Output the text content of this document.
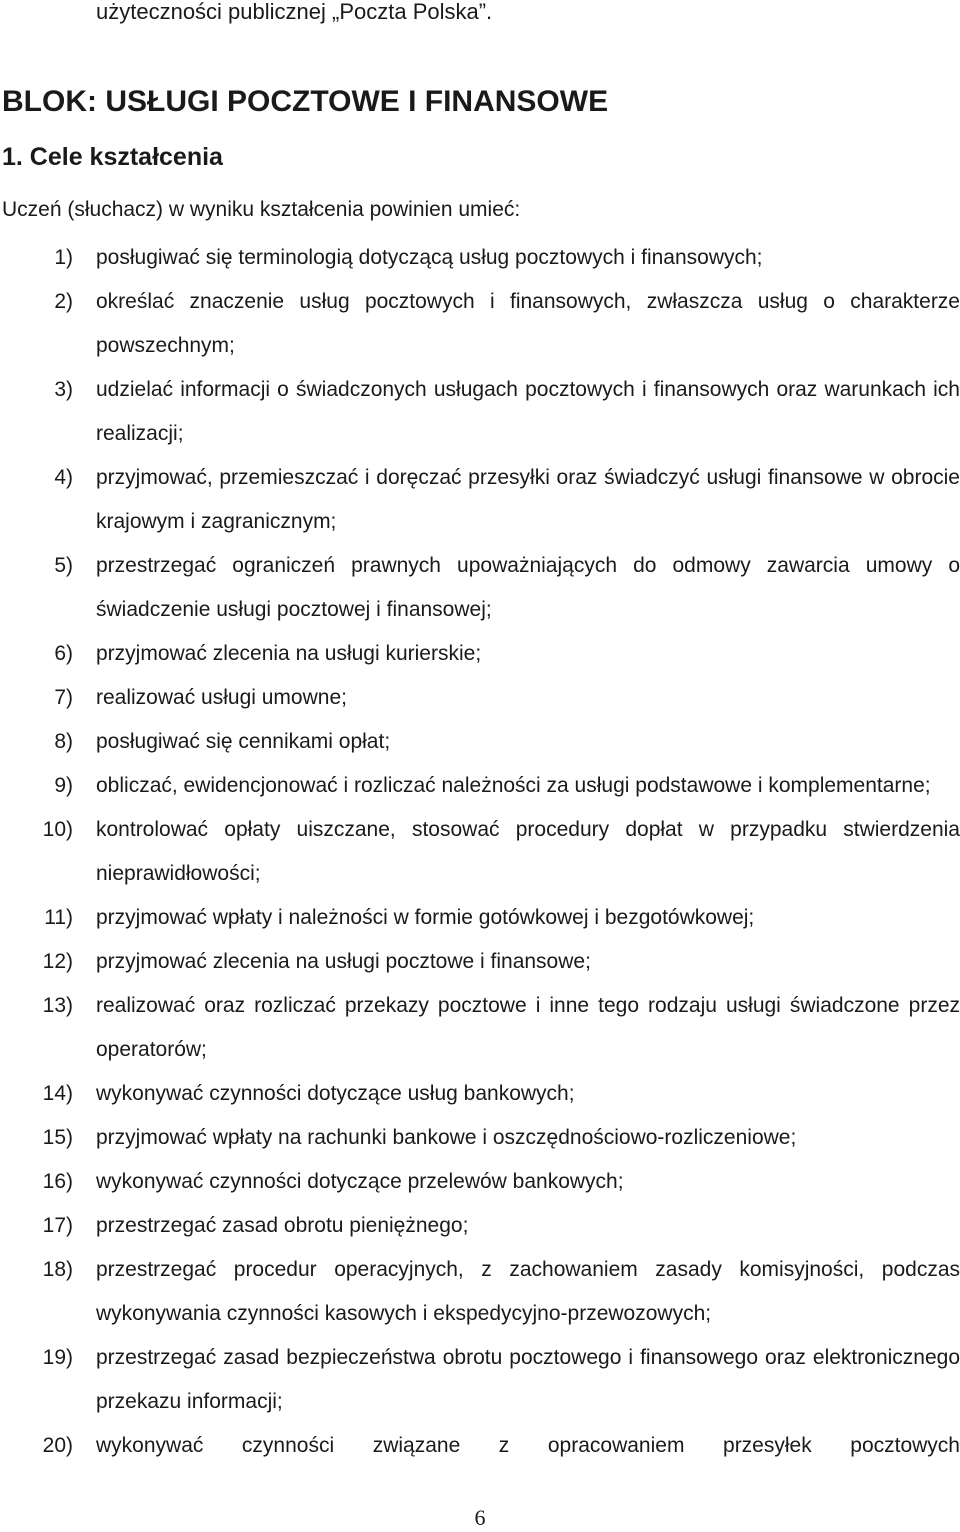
użyteczności publicznej „Poczta Polska”.
BLOK: USŁUGI POCZTOWE I FINANSOWE
1. Cele kształcenia
Uczeń (słuchacz) w wyniku kształcenia powinien umieć:
1) posługiwać się terminologią dotyczącą usług pocztowych i finansowych;
2) określać znaczenie usług pocztowych i finansowych, zwłaszcza usług o charakterze powszechnym;
3) udzielać informacji o świadczonych usługach pocztowych i finansowych oraz warunkach ich realizacji;
4) przyjmować, przemieszczać i doręczać przesyłki oraz świadczyć usługi finansowe w obrocie krajowym i zagranicznym;
5) przestrzegać ograniczeń prawnych upoważniających do odmowy zawarcia umowy o świadczenie usługi pocztowej i finansowej;
6) przyjmować zlecenia na usługi kurierskie;
7) realizować usługi umowne;
8) posługiwać się cennikami opłat;
9) obliczać, ewidencjonować i rozliczać należności za usługi podstawowe i komplementarne;
10) kontrolować opłaty uiszczane, stosować procedury dopłat w przypadku stwierdzenia nieprawidłowości;
11) przyjmować wpłaty i należności w formie gotówkowej i bezgotówkowej;
12) przyjmować zlecenia na usługi pocztowe i finansowe;
13) realizować oraz rozliczać przekazy pocztowe i inne tego rodzaju usługi świadczone przez operatorów;
14) wykonywać czynności dotyczące usług bankowych;
15) przyjmować wpłaty na rachunki bankowe i oszczędnościowo-rozliczeniowe;
16) wykonywać czynności dotyczące przelewów bankowych;
17) przestrzegać zasad obrotu pieniężnego;
18) przestrzegać procedur operacyjnych, z zachowaniem zasady komisyjności, podczas wykonywania czynności kasowych i ekspedycyjno-przewozowych;
19) przestrzegać zasad bezpieczeństwa obrotu pocztowego i finansowego oraz elektronicznego przekazu informacji;
20) wykonywać czynności związane z opracowaniem przesyłek pocztowych
6
